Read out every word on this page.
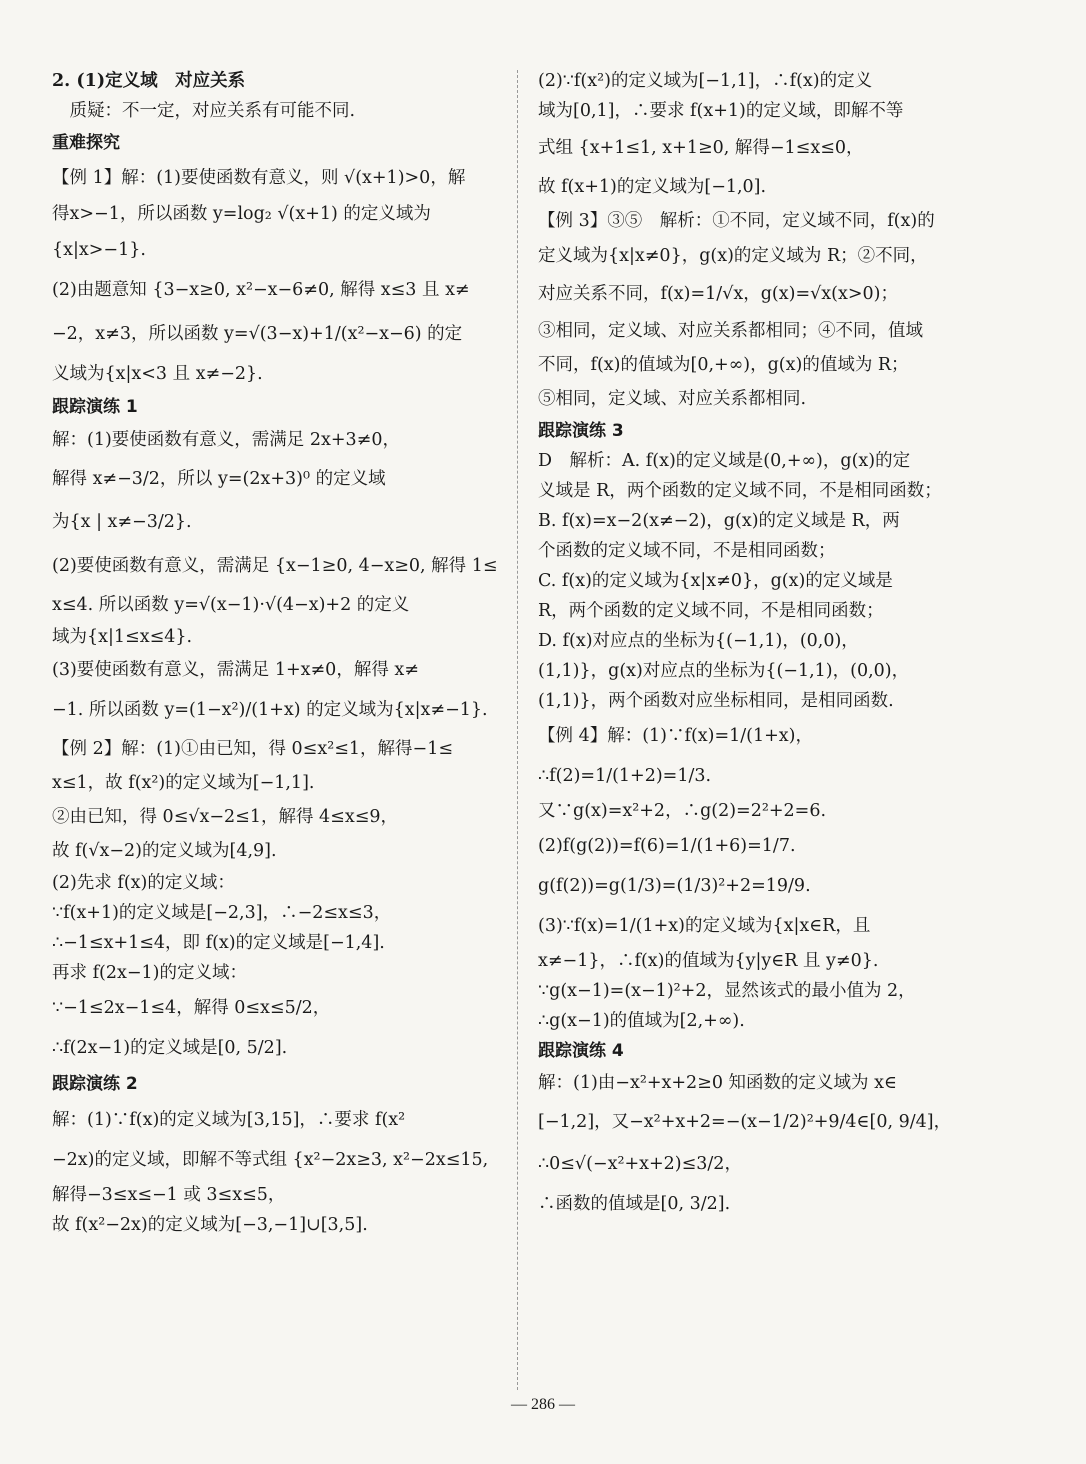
2. (1)定义域　对应关系
　质疑：不一定，对应关系有可能不同.
重难探究
【例 1】解：(1)要使函数有意义，则 √(x+1)>0，解
得x>−1，所以函数 y=log₂ √(x+1) 的定义域为
{x|x>−1}.
(2)由题意知 {3−x≥0, x²−x−6≠0, 解得 x≤3 且 x≠
−2，x≠3，所以函数 y=√(3−x)+1/(x²−x−6) 的定
义域为{x|x<3 且 x≠−2}.
跟踪演练 1
解：(1)要使函数有意义，需满足 2x+3≠0，
解得 x≠−3/2，所以 y=(2x+3)⁰ 的定义域
为{x | x≠−3/2}.
(2)要使函数有意义，需满足 {x−1≥0, 4−x≥0, 解得 1≤
x≤4. 所以函数 y=√(x−1)·√(4−x)+2 的定义
域为{x|1≤x≤4}.
(3)要使函数有意义，需满足 1+x≠0，解得 x≠
−1. 所以函数 y=(1−x²)/(1+x) 的定义域为{x|x≠−1}.
【例 2】解：(1)①由已知，得 0≤x²≤1，解得−1≤
x≤1，故 f(x²)的定义域为[−1,1].
②由已知，得 0≤√x−2≤1，解得 4≤x≤9，
故 f(√x−2)的定义域为[4,9].
(2)先求 f(x)的定义域：
∵f(x+1)的定义域是[−2,3]，∴−2≤x≤3，
∴−1≤x+1≤4，即 f(x)的定义域是[−1,4].
再求 f(2x−1)的定义域：
∵−1≤2x−1≤4，解得 0≤x≤5/2，
∴f(2x−1)的定义域是[0, 5/2].
跟踪演练 2
解：(1)∵f(x)的定义域为[3,15]，∴要求 f(x²
−2x)的定义域，即解不等式组 {x²−2x≥3, x²−2x≤15,
解得−3≤x≤−1 或 3≤x≤5，
故 f(x²−2x)的定义域为[−3,−1]∪[3,5].
(2)∵f(x²)的定义域为[−1,1]，∴f(x)的定义
域为[0,1]，∴要求 f(x+1)的定义域，即解不等
式组 {x+1≤1, x+1≥0, 解得−1≤x≤0，
故 f(x+1)的定义域为[−1,0].
【例 3】③⑤　解析：①不同，定义域不同，f(x)的
定义域为{x|x≠0}，g(x)的定义域为 R；②不同，
对应关系不同，f(x)=1/√x，g(x)=√x(x>0)；
③相同，定义域、对应关系都相同；④不同，值域
不同，f(x)的值域为[0,+∞)，g(x)的值域为 R；
⑤相同，定义域、对应关系都相同.
跟踪演练 3
D　解析：A. f(x)的定义域是(0,+∞)，g(x)的定
义域是 R，两个函数的定义域不同，不是相同函数；
B. f(x)=x−2(x≠−2)，g(x)的定义域是 R，两
个函数的定义域不同，不是相同函数；
C. f(x)的定义域为{x|x≠0}，g(x)的定义域是
R，两个函数的定义域不同，不是相同函数；
D. f(x)对应点的坐标为{(−1,1)，(0,0)，
(1,1)}，g(x)对应点的坐标为{(−1,1)，(0,0)，
(1,1)}，两个函数对应坐标相同，是相同函数.
【例 4】解：(1)∵f(x)=1/(1+x)，
∴f(2)=1/(1+2)=1/3.
又∵g(x)=x²+2，∴g(2)=2²+2=6.
(2)f(g(2))=f(6)=1/(1+6)=1/7.
g(f(2))=g(1/3)=(1/3)²+2=19/9.
(3)∵f(x)=1/(1+x)的定义域为{x|x∈R，且
x≠−1}，∴f(x)的值域为{y|y∈R 且 y≠0}.
∵g(x−1)=(x−1)²+2，显然该式的最小值为 2，
∴g(x−1)的值域为[2,+∞).
跟踪演练 4
解：(1)由−x²+x+2≥0 知函数的定义域为 x∈
[−1,2]，又−x²+x+2=−(x−1/2)²+9/4∈[0, 9/4]，
∴0≤√(−x²+x+2)≤3/2，
∴函数的值域是[0, 3/2].
— 286 —
